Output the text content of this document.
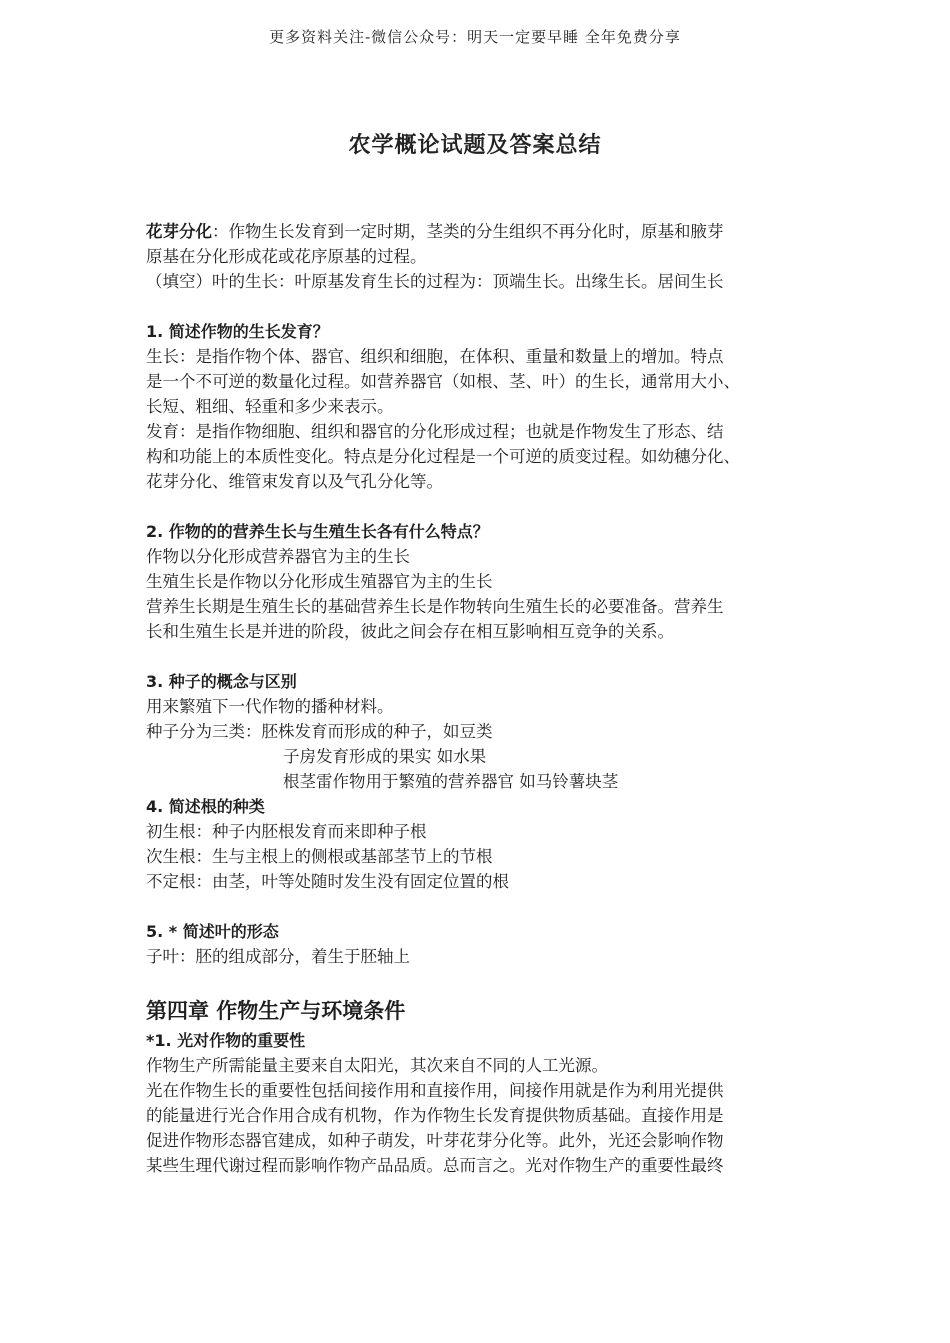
更多资料关注-微信公众号：明天一定要早睡 全年免费分享
农学概论试题及答案总结

花芽分化：作物生长发育到一定时期，茎类的分生组织不再分化时，原基和腋芽

原基在分化形成花或花序原基的过程。

（填空）叶的生长：叶原基发育生长的过程为：顶端生长。出缘生长。居间生长

1. 简述作物的生长发育？

生长：是指作物个体、器官、组织和细胞，在体积、重量和数量上的增加。特点

是一个不可逆的数量化过程。如营养器官（如根、茎、叶）的生长，通常用大小、

长短、粗细、轻重和多少来表示。

发育：是指作物细胞、组织和器官的分化形成过程；也就是作物发生了形态、结

构和功能上的本质性变化。特点是分化过程是一个可逆的质变过程。如幼穗分化、

花芽分化、维管束发育以及气孔分化等。

2. 作物的的营养生长与生殖生长各有什么特点？

作物以分化形成营养器官为主的生长

生殖生长是作物以分化形成生殖器官为主的生长

营养生长期是生殖生长的基础营养生长是作物转向生殖生长的必要准备。营养生

长和生殖生长是并进的阶段，彼此之间会存在相互影响相互竞争的关系。

3. 种子的概念与区别

用来繁殖下一代作物的播种材料。

种子分为三类：胚株发育而形成的种子，如豆类

子房发育形成的果实 如水果

根茎雷作物用于繁殖的营养器官 如马铃薯块茎

4. 简述根的种类

初生根：种子内胚根发育而来即种子根

次生根：生与主根上的侧根或基部茎节上的节根

不定根：由茎，叶等处随时发生没有固定位置的根

5. * 简述叶的形态

子叶：胚的组成部分，着生于胚轴上

第四章 作物生产与环境条件

*1. 光对作物的重要性

作物生产所需能量主要来自太阳光，其次来自不同的人工光源。

光在作物生长的重要性包括间接作用和直接作用，间接作用就是作为利用光提供

的能量进行光合作用合成有机物，作为作物生长发育提供物质基础。直接作用是

促进作物形态器官建成，如种子萌发，叶芽花芽分化等。此外，光还会影响作物

某些生理代谢过程而影响作物产品品质。总而言之。光对作物生产的重要性最终
